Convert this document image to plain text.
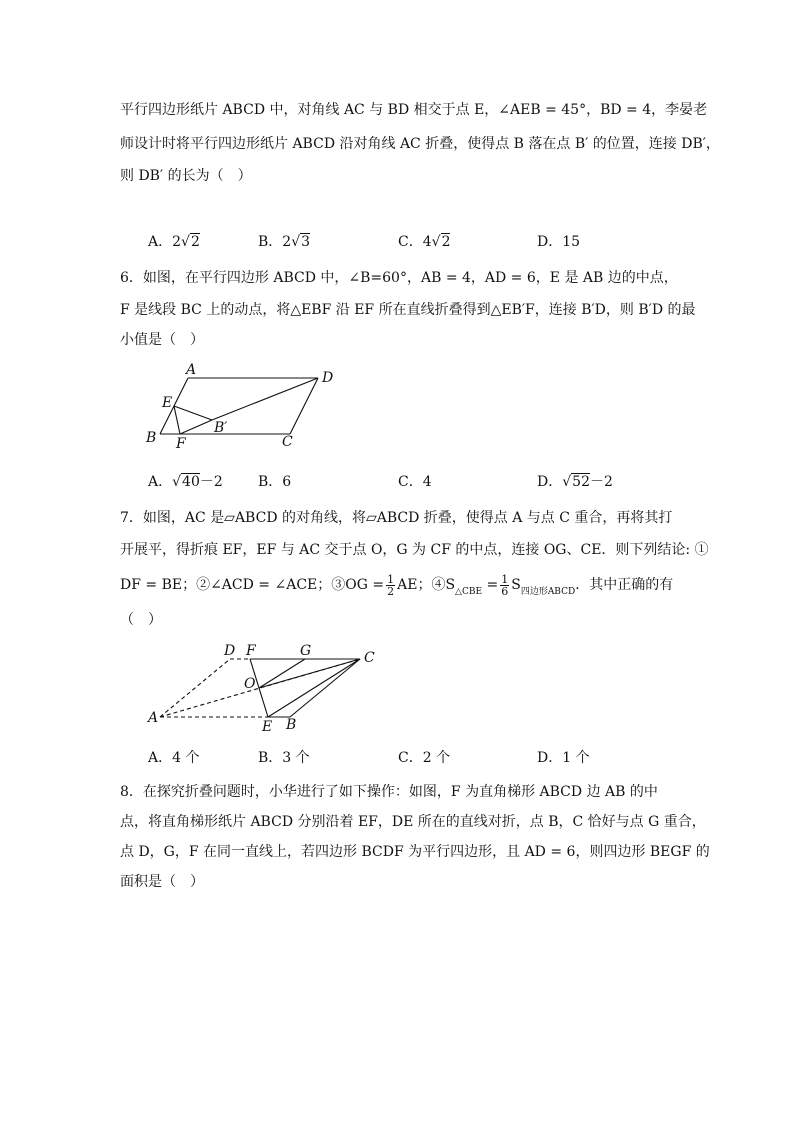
平行四边形纸片 ABCD 中，对角线 AC 与 BD 相交于点 E，∠AEB = 45°，BD = 4，李晏老
师设计时将平行四边形纸片 ABCD 沿对角线 AC 折叠，使得点 B 落在点 B′ 的位置，连接 DB′，
则 DB′ 的长为（　）
A．2√2	B．2√3	C．4√2	D．15
6．如图，在平行四边形 ABCD 中，∠B=60°，AB = 4，AD = 6，E 是 AB 边的中点，
F 是线段 BC 上的动点，将△EBF 沿 EF 所在直线折叠得到△EB′F，连接 B′D，则 B′D 的最
小值是（　）
A	D
E
B′
B F	C
A．√40－2	B．6	C．4	D．√52－2
7．如图，AC 是▱ABCD 的对角线，将▱ABCD 折叠，使得点 A 与点 C 重合，再将其打
开展平，得折痕 EF，EF 与 AC 交于点 O，G 为 CF 的中点，连接 OG、CE．则下列结论: ①
DF = BE；②∠ACD = ∠ACE；③OG = $\frac{1}{2}$ AE；$④S_{\triangle CBE} = \frac{1}{6} S_{四边形ABCD}$．其中正确的有
（　）
D F	G	C
O
A
E B
A．4 个	B．3 个	C．2 个	D．1 个
8．在探究折叠问题时，小华进行了如下操作：如图，F 为直角梯形 ABCD 边 AB 的中
点，将直角梯形纸片 ABCD 分别沿着 EF，DE 所在的直线对折，点 B，C 恰好与点 G 重合，
点 D，G，F 在同一直线上，若四边形 BCDF 为平行四边形，且 AD = 6，则四边形 BEGF 的
面积是（　）
